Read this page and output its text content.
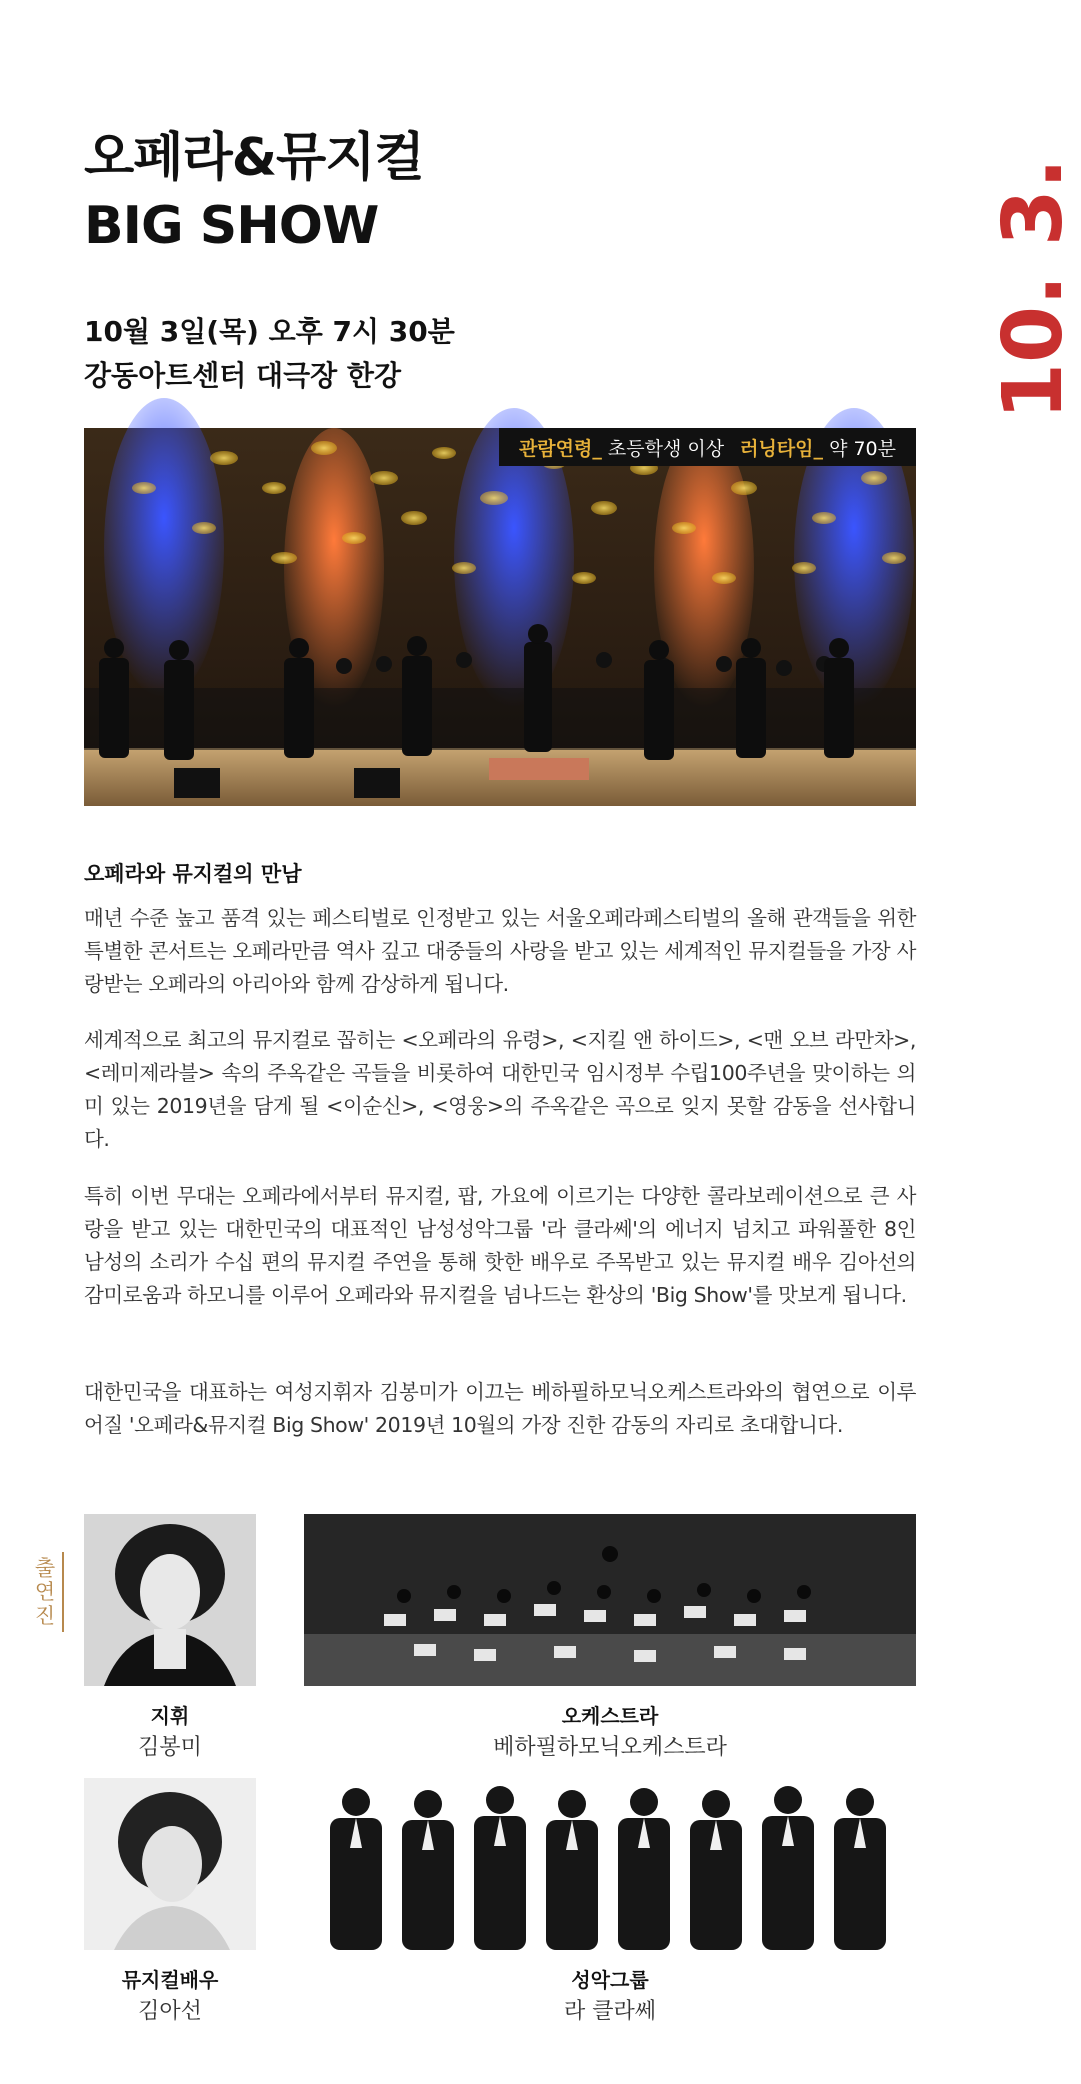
오페라&뮤지컬
BIG SHOW	10. 3.
10월 3일(목) 오후 7시 30분
강동아트센터 대극장 한강
관람연령_ 초등학생 이상 러닝타임_ 약 70분
오페라와 뮤지컬의 만남

매년 수준 높고 품격 있는 페스티벌로 인정받고 있는 서울오페라페스티벌의 올해 관객들을 위한 특별한 콘서트는 오페라만큼 역사 깊고 대중들의 사랑을 받고 있는 세계적인 뮤지컬들을 가장 사랑받는 오페라의 아리아와 함께 감상하게 됩니다.

세계적으로 최고의 뮤지컬로 꼽히는 <오페라의 유령>, <지킬 앤 하이드>, <맨 오브 라만차>, <레미제라블> 속의 주옥같은 곡들을 비롯하여 대한민국 임시정부 수립100주년을 맞이하는 의미 있는 2019년을 담게 될 <이순신>, <영웅>의 주옥같은 곡으로 잊지 못할 감동을 선사합니다.

특히 이번 무대는 오페라에서부터 뮤지컬, 팝, 가요에 이르기는 다양한 콜라보레이션으로 큰 사랑을 받고 있는 대한민국의 대표적인 남성성악그룹 '라 클라쎄'의 에너지 넘치고 파워풀한 8인 남성의 소리가 수십 편의 뮤지컬 주연을 통해 핫한 배우로 주목받고 있는 뮤지컬 배우 김아선의 감미로움과 하모니를 이루어 오페라와 뮤지컬을 넘나드는 환상의 'Big Show'를 맛보게 됩니다.

대한민국을 대표하는 여성지휘자 김봉미가 이끄는 베하필하모닉오케스트라와의 협연으로 이루어질 '오페라&뮤지컬 Big Show' 2019년 10월의 가장 진한 감동의 자리로 초대합니다.

출
연
진
지휘
김봉미
오케스트라
베하필하모닉오케스트라
뮤지컬배우
김아선
성악그룹
라 클라쎄
